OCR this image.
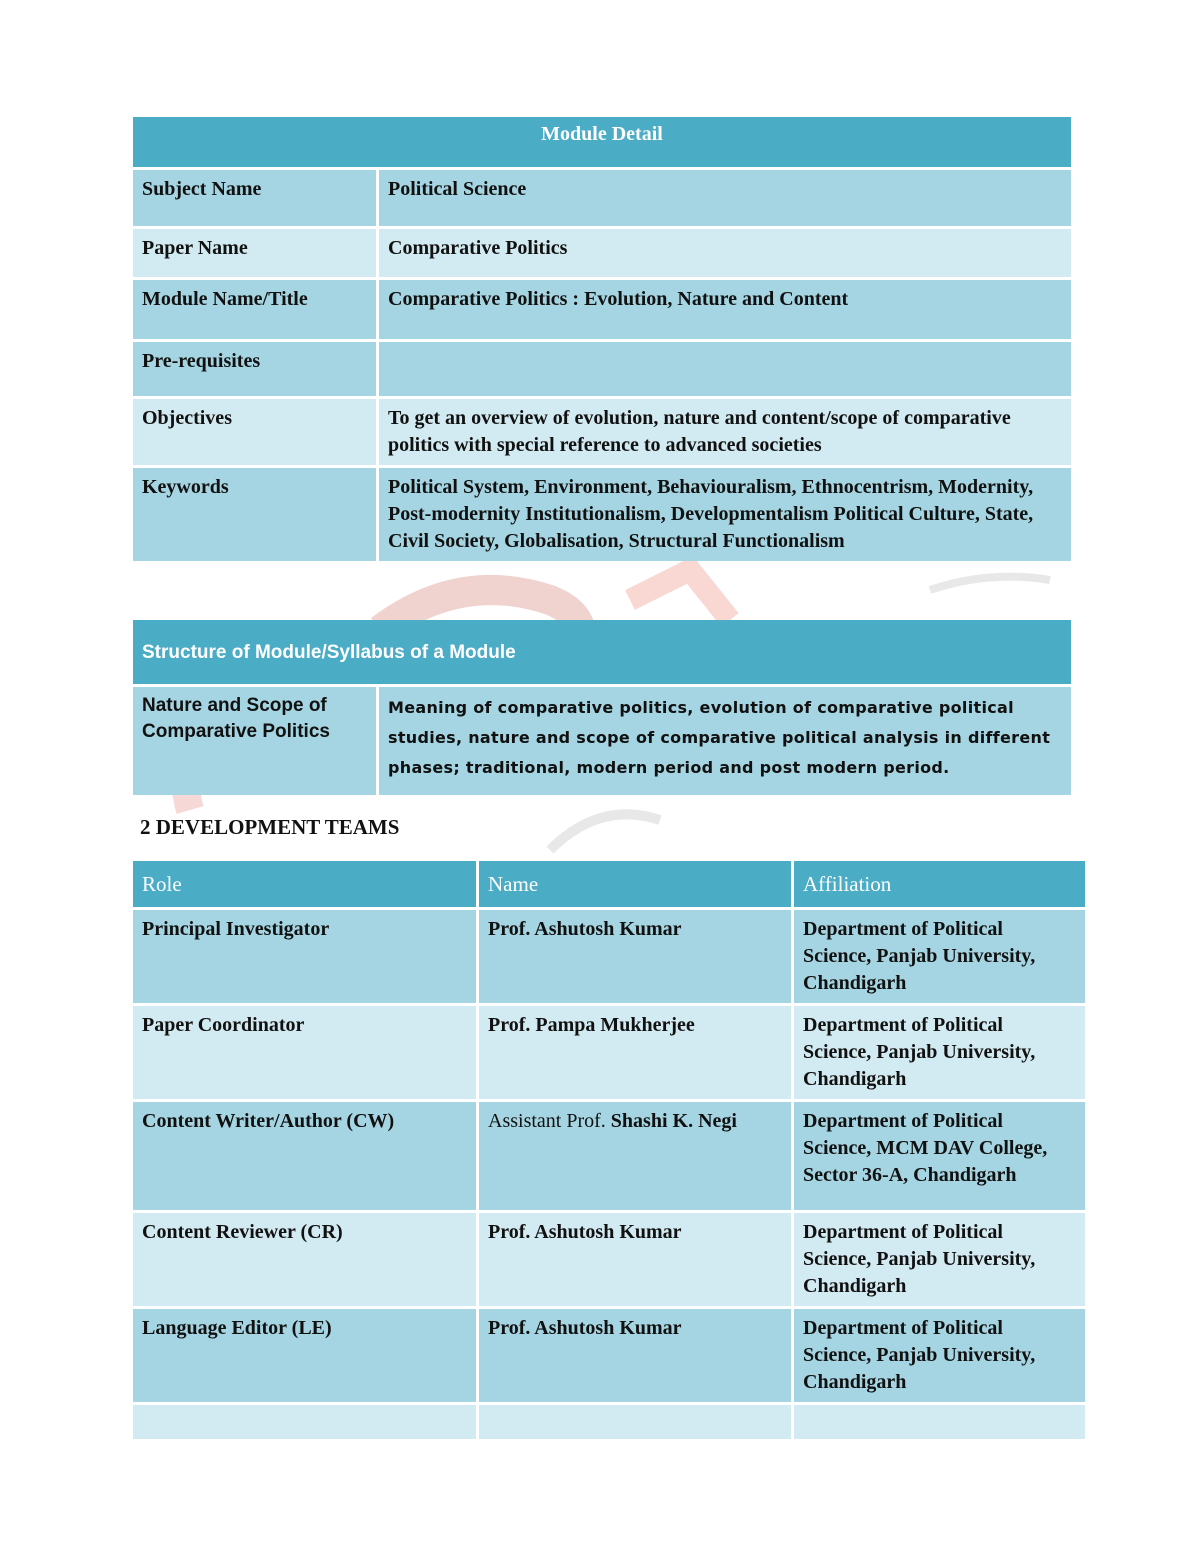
Module Detail	
Subject Name	Political Science
Paper Name	Comparative Politics
Module Name/Title	Comparative Politics : Evolution, Nature and Content
Pre-requisites	
Objectives	To get an overview of evolution, nature and content/scope of comparative politics with special reference to advanced societies
Keywords	Political System, Environment, Behaviouralism, Ethnocentrism, Modernity, Post-modernity Institutionalism, Developmentalism Political Culture, State, Civil Society, Globalisation, Structural Functionalism
Structure of Module/Syllabus of a Module
Nature and Scope of Comparative Politics	Meaning of comparative politics, evolution of comparative political studies, nature and scope of comparative political analysis in different phases; traditional, modern period and post modern period.
2 DEVELOPMENT TEAMS
Role	Name	Affiliation
Principal Investigator	Prof. Ashutosh Kumar	Department of Political Science, Panjab University, Chandigarh
Paper Coordinator	Prof. Pampa Mukherjee	Department of Political Science, Panjab University, Chandigarh
Content Writer/Author (CW)	Assistant Prof. Shashi K. Negi	Department of Political Science, MCM DAV College, Sector 36-A, Chandigarh
Content Reviewer (CR)	Prof. Ashutosh Kumar	Department of Political Science, Panjab University, Chandigarh
Language Editor (LE)	Prof. Ashutosh Kumar	Department of Political Science, Panjab University, Chandigarh
